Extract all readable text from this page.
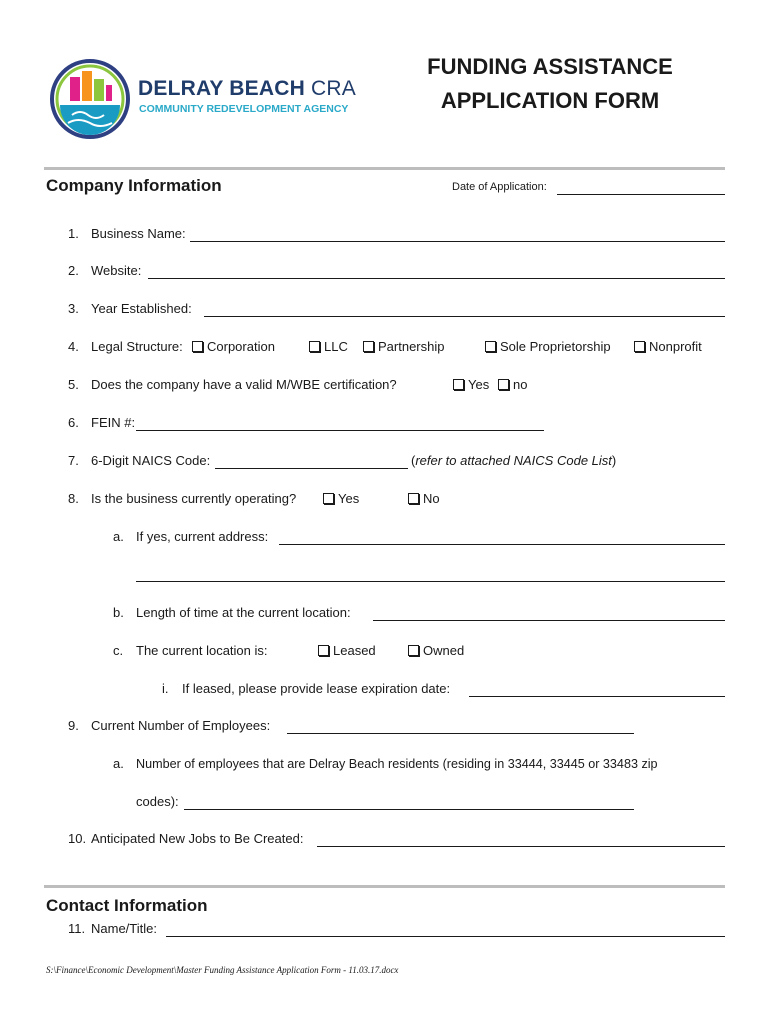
DELRAY BEACH CRA
COMMUNITY REDEVELOPMENT AGENCY
FUNDING ASSISTANCE
APPLICATION FORM
Company Information	Date of Application:
1. Business Name:
2. Website:
3. Year Established:
4. Legal Structure:	Corporation	LLC	Partnership	Sole Proprietorship	Nonprofit
5. Does the company have a valid M/WBE certification?	Yes	no
6. FEIN #:
7. 6-Digit NAICS Code:	(refer to attached NAICS Code List)
8. Is the business currently operating?	Yes	No
a. If yes, current address:
b. Length of time at the current location:
c. The current location is:	Leased	Owned
i. If leased, please provide lease expiration date:
9. Current Number of Employees:
a. Number of employees that are Delray Beach residents (residing in 33444, 33445 or 33483 zip
codes):
10. Anticipated New Jobs to Be Created:
Contact Information
11. Name/Title:
S:\Finance\Economic Development\Master Funding Assistance Application Form - 11.03.17.docx
